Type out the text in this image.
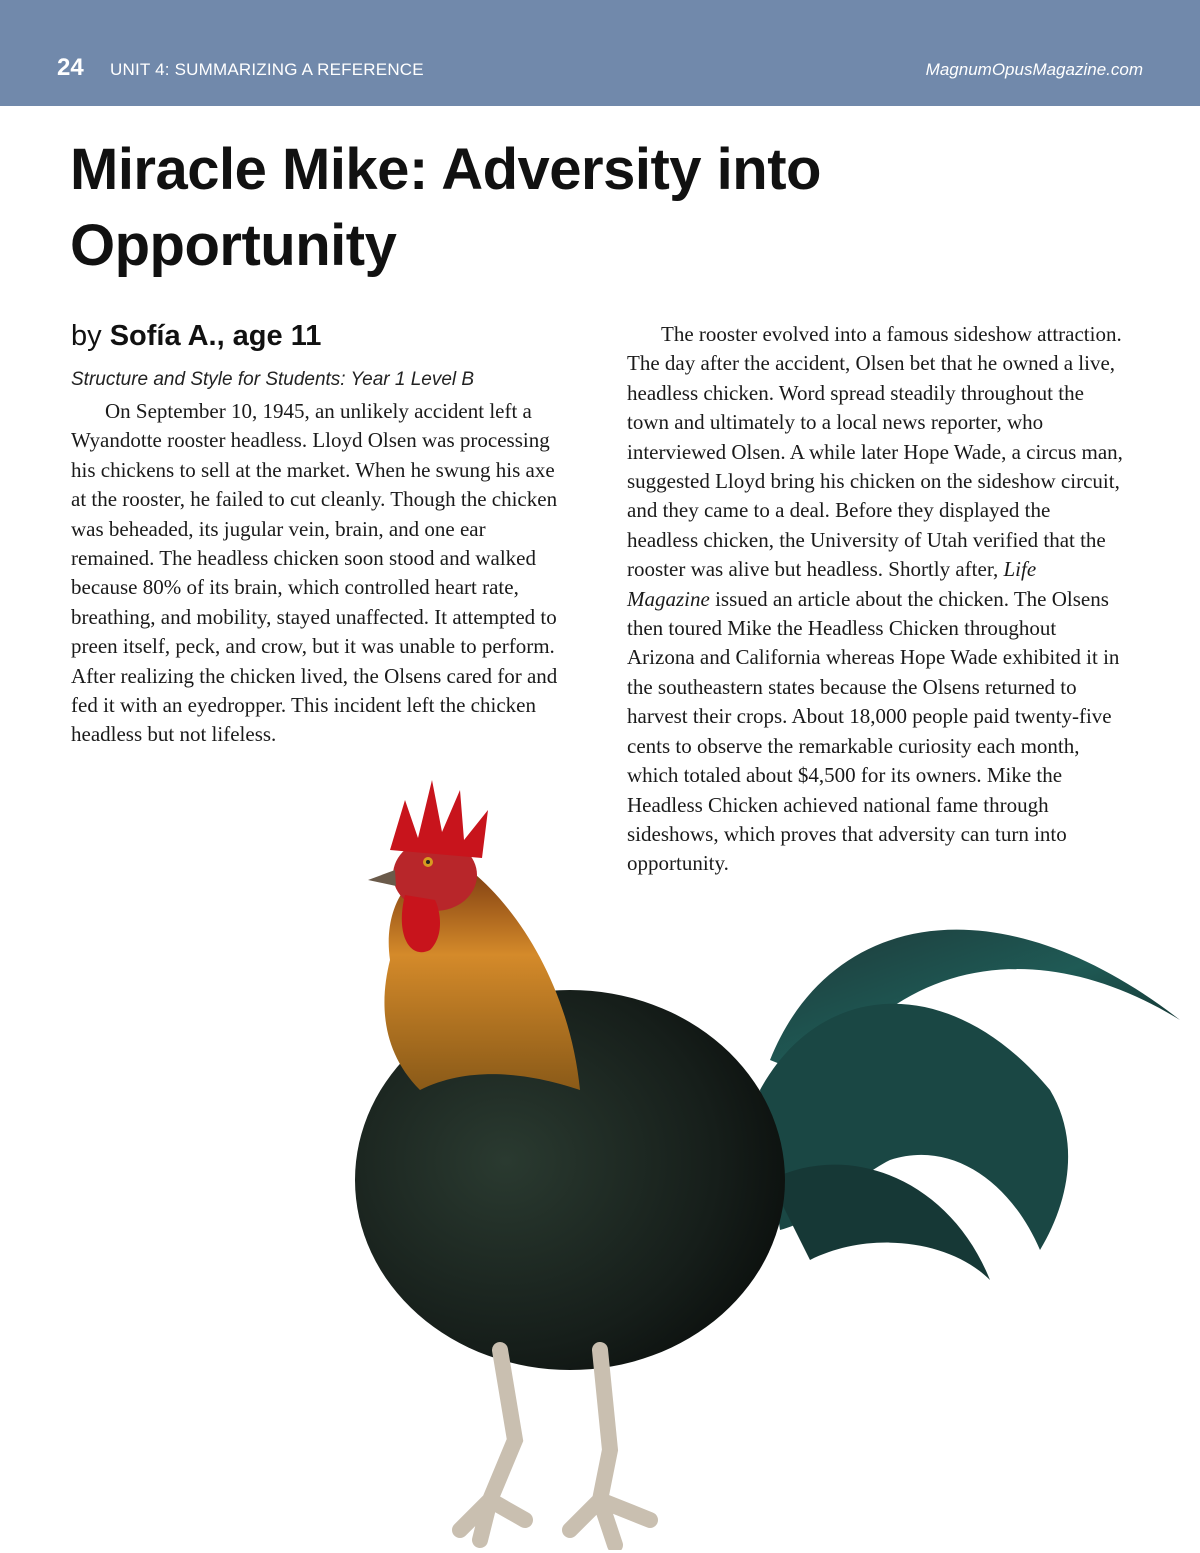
24 UNIT 4: SUMMARIZING A REFERENCE	MagnumOpusMagazine.com
Miracle Mike: Adversity into Opportunity
by Sofía A., age 11
Structure and Style for Students: Year 1 Level B

On September 10, 1945, an unlikely accident left a Wyandotte rooster headless. Lloyd Olsen was processing his chickens to sell at the market. When he swung his axe at the rooster, he failed to cut cleanly. Though the chicken was beheaded, its jugular vein, brain, and one ear remained. The headless chicken soon stood and walked because 80% of its brain, which controlled heart rate, breathing, and mobility, stayed unaffected. It attempted to preen itself, peck, and crow, but it was unable to perform. After realizing the chicken lived, the Olsens cared for and fed it with an eyedropper. This incident left the chicken headless but not lifeless.

The rooster evolved into a famous sideshow attraction. The day after the accident, Olsen bet that he owned a live, headless chicken. Word spread steadily throughout the town and ultimately to a local news reporter, who interviewed Olsen. A while later Hope Wade, a circus man, suggested Lloyd bring his chicken on the sideshow circuit, and they came to a deal. Before they displayed the headless chicken, the University of Utah verified that the rooster was alive but headless. Shortly after, Life Magazine issued an article about the chicken. The Olsens then toured Mike the Headless Chicken throughout Arizona and California whereas Hope Wade exhibited it in the southeastern states because the Olsens returned to harvest their crops. About 18,000 people paid twenty-five cents to observe the remarkable curiosity each month, which totaled about $4,500 for its owners. Mike the Headless Chicken achieved national fame through sideshows, which proves that adversity can turn into opportunity.
